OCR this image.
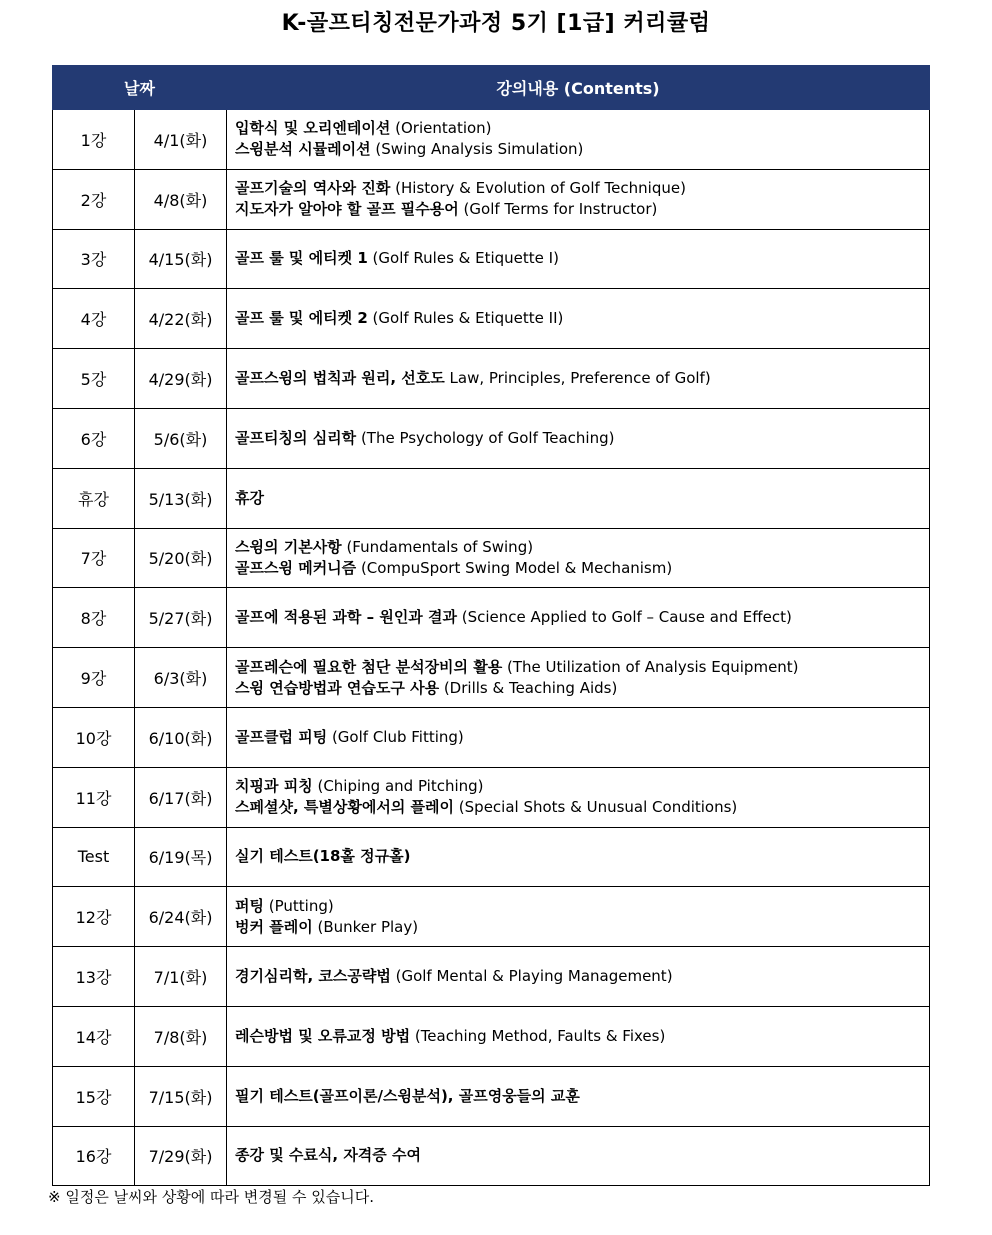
K-골프티칭전문가과정 5기 [1급] 커리큘럼
날짜		강의내용 (Contents)
1강	4/1(화)	입학식 및 오리엔테이션 (Orientation)
스윙분석 시뮬레이션 (Swing Analysis Simulation)

2강	4/8(화)	골프기술의 역사와 진화 (History & Evolution of Golf Technique)
지도자가 알아야 할 골프 필수용어 (Golf Terms for Instructor)

3강	4/15(화)	골프 룰 및 에티켓 1 (Golf Rules & Etiquette I)

4강	4/22(화)	골프 룰 및 에티켓 2 (Golf Rules & Etiquette II)

5강	4/29(화)	골프스윙의 법칙과 원리, 선호도 Law, Principles, Preference of Golf)

6강	5/6(화)	골프티칭의 심리학 (The Psychology of Golf Teaching)

휴강	5/13(화)	휴강

7강	5/20(화)	스윙의 기본사항 (Fundamentals of Swing)
골프스윙 메커니즘 (CompuSport Swing Model & Mechanism)

8강	5/27(화)	골프에 적용된 과학 – 원인과 결과 (Science Applied to Golf – Cause and Effect)

9강	6/3(화)	골프레슨에 필요한 첨단 분석장비의 활용 (The Utilization of Analysis Equipment)
스윙 연습방법과 연습도구 사용 (Drills & Teaching Aids)

10강	6/10(화)	골프클럽 피팅 (Golf Club Fitting)

11강	6/17(화)	치핑과 피칭 (Chiping and Pitching)
스페셜샷, 특별상황에서의 플레이 (Special Shots & Unusual Conditions)

Test	6/19(목)	실기 테스트(18홀 정규홀)

12강	6/24(화)	퍼팅 (Putting)
벙커 플레이 (Bunker Play)

13강	7/1(화)	경기심리학, 코스공략법 (Golf Mental & Playing Management)

14강	7/8(화)	레슨방법 및 오류교정 방법 (Teaching Method, Faults & Fixes)

15강	7/15(화)	필기 테스트(골프이론/스윙분석), 골프영웅들의 교훈

16강	7/29(화)	종강 및 수료식, 자격증 수여
※ 일정은 날씨와 상황에 따라 변경될 수 있습니다.
